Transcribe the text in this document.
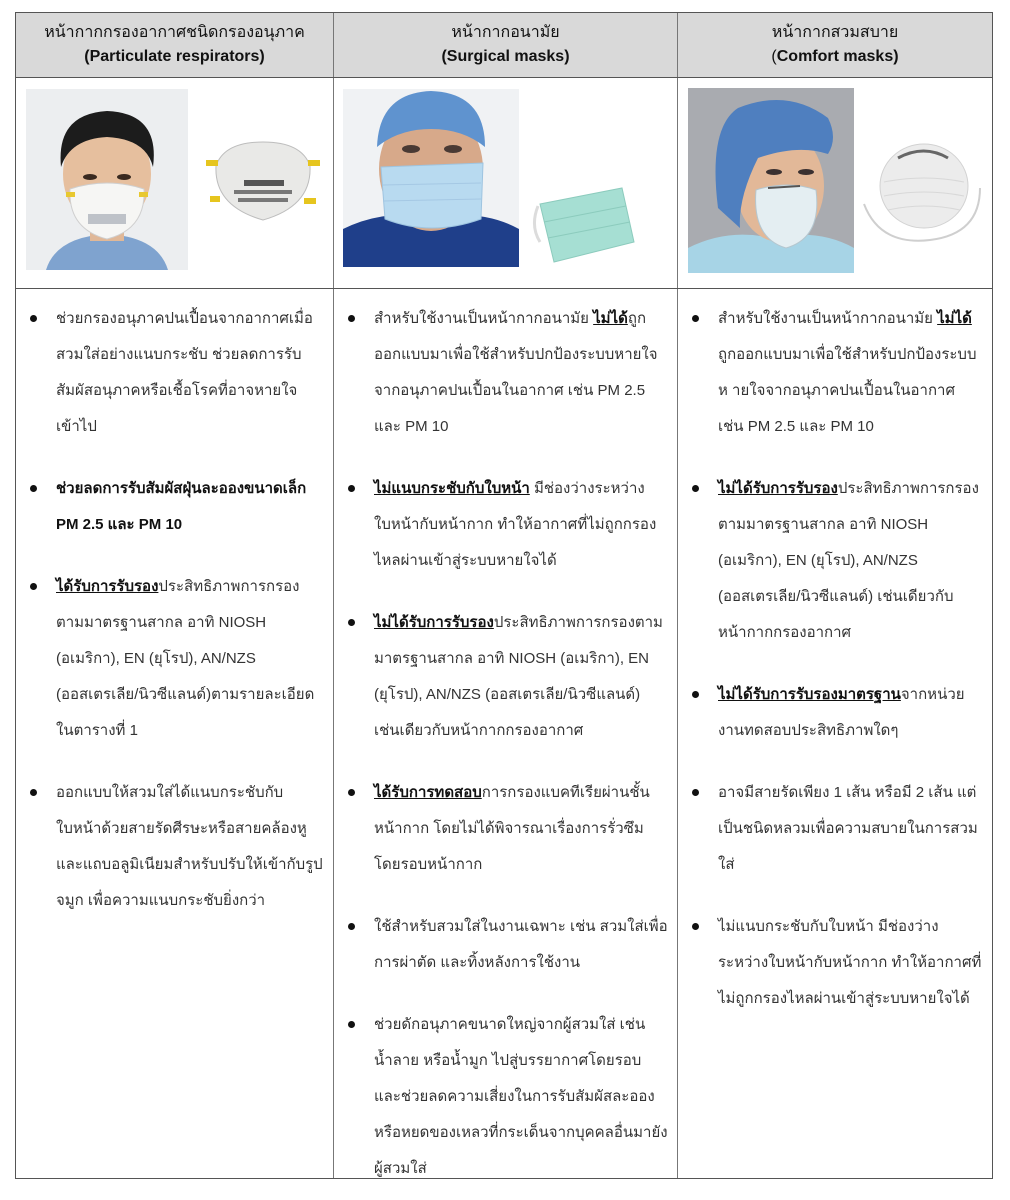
หน้ากากกรองอากาศชนิดกรองอนุภาค
(Particulate respirators)
หน้ากากอนามัย
(Surgical masks)
หน้ากากสวมสบาย
(Comfort masks)
ช่วยกรองอนุภาคปนเปื้อนจากอากาศเมื่อสวมใส่อย่างแนบกระชับ ช่วยลดการรับสัมผัสอนุภาคหรือเชื้อโรคที่อาจหายใจเข้าไป
ช่วยลดการรับสัมผัสฝุ่นละอองขนาดเล็ก PM 2.5 และ PM 10
ได้รับการรับรองประสิทธิภาพการกรองตามมาตรฐานสากล อาทิ NIOSH (อเมริกา), EN (ยุโรป), AN/NZS (ออสเตรเลีย/นิวซีแลนด์)ตามรายละเอียดในตารางที่ 1
ออกแบบให้สวมใส่ได้แนบกระชับกับใบหน้าด้วยสายรัดศีรษะหรือสายคล้องหูและแถบอลูมิเนียมสำหรับปรับให้เข้ากับรูปจมูก เพื่อความแนบกระชับยิ่งกว่า
สำหรับใช้งานเป็นหน้ากากอนามัย ไม่ได้ถูกออกแบบมาเพื่อใช้สำหรับปกป้องระบบหายใจจากอนุภาคปนเปื้อนในอากาศ เช่น PM 2.5 และ PM 10
ไม่แนบกระชับกับใบหน้า มีช่องว่างระหว่างใบหน้ากับหน้ากาก ทำให้อากาศที่ไม่ถูกกรองไหลผ่านเข้าสู่ระบบหายใจได้
ไม่ได้รับการรับรองประสิทธิภาพการกรองตามมาตรฐานสากล อาทิ NIOSH (อเมริกา), EN (ยุโรป), AN/NZS (ออสเตรเลีย/นิวซีแลนด์) เช่นเดียวกับหน้ากากกรองอากาศ
ได้รับการทดสอบการกรองแบคทีเรียผ่านชั้นหน้ากาก โดยไม่ได้พิจารณาเรื่องการรั่วซึมโดยรอบหน้ากาก
ใช้สำหรับสวมใส่ในงานเฉพาะ เช่น สวมใส่เพื่อการผ่าตัด และทิ้งหลังการใช้งาน
ช่วยดักอนุภาคขนาดใหญ่จากผู้สวมใส่ เช่น น้ำลาย หรือน้ำมูก ไปสู่บรรยากาศโดยรอบ และช่วยลดความเสี่ยงในการรับสัมผัสละอองหรือหยดของเหลวที่กระเด็นจากบุคคลอื่นมายังผู้สวมใส่
สำหรับใช้งานเป็นหน้ากากอนามัย ไม่ได้ถูกออกแบบมาเพื่อใช้สำหรับปกป้องระบบห ายใจจากอนุภาคปนเปื้อนในอากาศ เช่น PM 2.5 และ PM 10
ไม่ได้รับการรับรองประสิทธิภาพการกรองตามมาตรฐานสากล อาทิ NIOSH (อเมริกา), EN (ยุโรป), AN/NZS (ออสเตรเลีย/นิวซีแลนด์) เช่นเดียวกับหน้ากากกรองอากาศ
ไม่ได้รับการรับรองมาตรฐานจากหน่วยงานทดสอบประสิทธิภาพใดๆ
อาจมีสายรัดเพียง 1 เส้น หรือมี 2 เส้น แต่เป็นชนิดหลวมเพื่อความสบายในการสวมใส่
ไม่แนบกระชับกับใบหน้า มีช่องว่างระหว่างใบหน้ากับหน้ากาก ทำให้อากาศที่ไม่ถูกกรองไหลผ่านเข้าสู่ระบบหายใจได้
